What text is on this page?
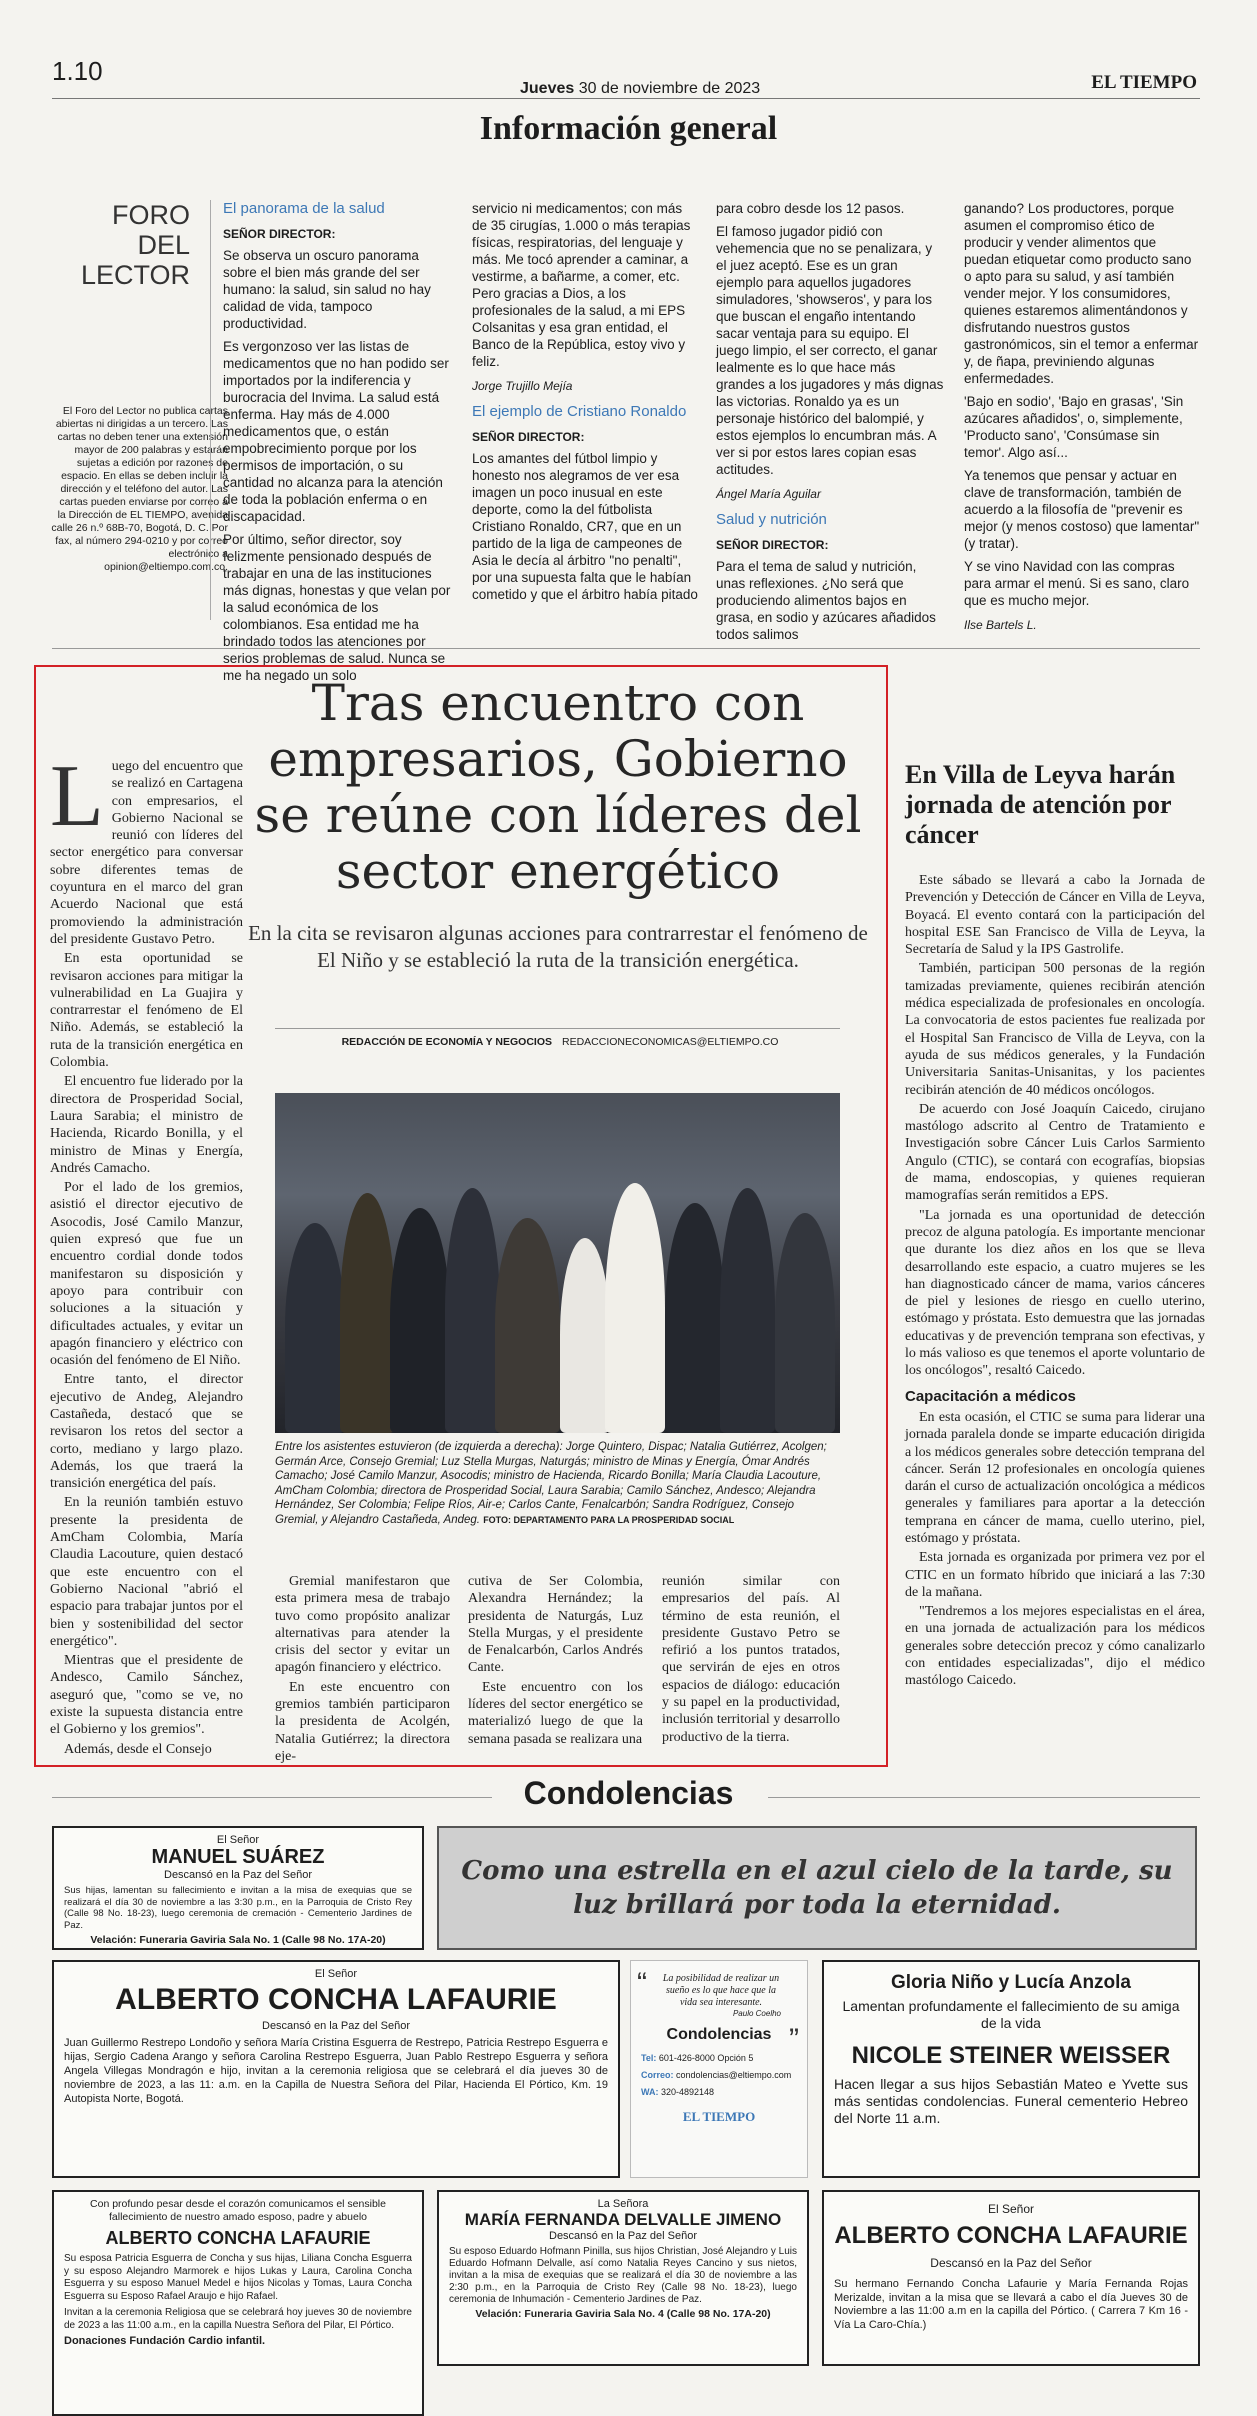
1.10
Jueves 30 de noviembre de 2023	EL TIEMPO
Información general
FORO DEL LECTOR
El Foro del Lector no publica cartas abiertas ni dirigidas a un tercero. Las cartas no deben tener una extensión mayor de 200 palabras y estarán sujetas a edición por razones de espacio. En ellas se deben incluir la dirección y el teléfono del autor. Las cartas pueden enviarse por correo a la Dirección de EL TIEMPO, avenida calle 26 n.º 68B-70, Bogotá, D. C. Por fax, al número 294-0210 y por correo electrónico a opinion@eltiempo.com.co.
El panorama de la salud
SEÑOR DIRECTOR:

Se observa un oscuro panorama sobre el bien más grande del ser humano: la salud, sin salud no hay calidad de vida, tampoco productividad.

Es vergonzoso ver las listas de medicamentos que no han podido ser importados por la indiferencia y burocracia del Invima. La salud está enferma. Hay más de 4.000 medicamentos que, o están empobrecimiento porque por los permisos de importación, o su cantidad no alcanza para la atención de toda la población enferma o en discapacidad.

Por último, señor director, soy felizmente pensionado después de trabajar en una de las instituciones más dignas, honestas y que velan por la salud económica de los colombianos. Esa entidad me ha brindado todos las atenciones por serios problemas de salud. Nunca se me ha negado un solo

servicio ni medicamentos; con más de 35 cirugías, 1.000 o más terapias físicas, respiratorias, del lenguaje y más. Me tocó aprender a caminar, a vestirme, a bañarme, a comer, etc. Pero gracias a Dios, a los profesionales de la salud, a mi EPS Colsanitas y esa gran entidad, el Banco de la República, estoy vivo y feliz.

Jorge Trujillo Mejía
El ejemplo de Cristiano Ronaldo
SEÑOR DIRECTOR:

Los amantes del fútbol limpio y honesto nos alegramos de ver esa imagen un poco inusual en este deporte, como la del fútbolista Cristiano Ronaldo, CR7, que en un partido de la liga de campeones de Asia le decía al árbitro "no penalti", por una supuesta falta que le habían cometido y que el árbitro había pitado

para cobro desde los 12 pasos.

El famoso jugador pidió con vehemencia que no se penalizara, y el juez aceptó. Ese es un gran ejemplo para aquellos jugadores simuladores, 'showseros', y para los que buscan el engaño intentando sacar ventaja para su equipo. El juego limpio, el ser correcto, el ganar lealmente es lo que hace más grandes a los jugadores y más dignas las victorias. Ronaldo ya es un personaje histórico del balompié, y estos ejemplos lo encumbran más. A ver si por estos lares copian esas actitudes.

Ángel María Aguilar
Salud y nutrición
SEÑOR DIRECTOR:

Para el tema de salud y nutrición, unas reflexiones. ¿No será que produciendo alimentos bajos en grasa, en sodio y azúcares añadidos todos salimos

ganando? Los productores, porque asumen el compromiso ético de producir y vender alimentos que puedan etiquetar como producto sano o apto para su salud, y así también vender mejor. Y los consumidores, quienes estaremos alimentándonos y disfrutando nuestros gustos gastronómicos, sin el temor a enfermar y, de ñapa, previniendo algunas enfermedades.

'Bajo en sodio', 'Bajo en grasas', 'Sin azúcares añadidos', o, simplemente, 'Producto sano', 'Consúmase sin temor'. Algo así...

Ya tenemos que pensar y actuar en clave de transformación, también de acuerdo a la filosofía de "prevenir es mejor (y menos costoso) que lamentar" (y tratar).

Y se vino Navidad con las compras para armar el menú. Si es sano, claro que es mucho mejor.

Ilse Bartels L.
Tras encuentro con empresarios, Gobierno se reúne con líderes del sector energético
En la cita se revisaron algunas acciones para contrarrestar el fenómeno de El Niño y se estableció la ruta de la transición energética.
REDACCIÓN DE ECONOMÍA Y NEGOCIOS REDACCIONECONOMICAS@ELTIEMPO.CO

Luego del encuentro que se realizó en Cartagena con empresarios, el Gobierno Nacional se reunió con líderes del sector energético para conversar sobre diferentes temas de coyuntura en el marco del gran Acuerdo Nacional que está promoviendo la administración del presidente Gustavo Petro.

En esta oportunidad se revisaron acciones para mitigar la vulnerabilidad en La Guajira y contrarrestar el fenómeno de El Niño. Además, se estableció la ruta de la transición energética en Colombia.

El encuentro fue liderado por la directora de Prosperidad Social, Laura Sarabia; el ministro de Hacienda, Ricardo Bonilla, y el ministro de Minas y Energía, Andrés Camacho.

Por el lado de los gremios, asistió el director ejecutivo de Asocodis, José Camilo Manzur, quien expresó que fue un encuentro cordial donde todos manifestaron su disposición y apoyo para contribuir con soluciones a la situación y dificultades actuales, y evitar un apagón financiero y eléctrico con ocasión del fenómeno de El Niño.

Entre tanto, el director ejecutivo de Andeg, Alejandro Castañeda, destacó que se revisaron los retos del sector a corto, mediano y largo plazo. Además, los que traerá la transición energética del país.

En la reunión también estuvo presente la presidenta de AmCham Colombia, María Claudia Lacouture, quien destacó que este encuentro con el Gobierno Nacional "abrió el espacio para trabajar juntos por el bien y sostenibilidad del sector energético".

Mientras que el presidente de Andesco, Camilo Sánchez, aseguró que, "como se ve, no existe la supuesta distancia entre el Gobierno y los gremios".

Además, desde el Consejo

Entre los asistentes estuvieron (de izquierda a derecha): Jorge Quintero, Dispac; Natalia Gutiérrez, Acolgen; Germán Arce, Consejo Gremial; Luz Stella Murgas, Naturgás; ministro de Minas y Energía, Ómar Andrés Camacho; José Camilo Manzur, Asocodis; ministro de Hacienda, Ricardo Bonilla; María Claudia Lacouture, AmCham Colombia; directora de Prosperidad Social, Laura Sarabia; Camilo Sánchez, Andesco; Alejandra Hernández, Ser Colombia; Felipe Ríos, Air-e; Carlos Cante, Fenalcarbón; Sandra Rodríguez, Consejo Gremial, y Alejandro Castañeda, Andeg. FOTO: DEPARTAMENTO PARA LA PROSPERIDAD SOCIAL

Gremial manifestaron que esta primera mesa de trabajo tuvo como propósito analizar alternativas para atender la crisis del sector y evitar un apagón financiero y eléctrico.

En este encuentro con gremios también participaron la presidenta de Acolgén, Natalia Gutiérrez; la directora eje-

cutiva de Ser Colombia, Alexandra Hernández; la presidenta de Naturgás, Luz Stella Murgas, y el presidente de Fenalcarbón, Carlos Andrés Cante.

Este encuentro con los líderes del sector energético se materializó luego de que la semana pasada se realizara una

reunión similar con empresarios del país. Al término de esta reunión, el presidente Gustavo Petro se refirió a los puntos tratados, que servirán de ejes en otros espacios de diálogo: educación y su papel en la productividad, inclusión territorial y desarrollo productivo de la tierra.

En Villa de Leyva harán jornada de atención por cáncer

Este sábado se llevará a cabo la Jornada de Prevención y Detección de Cáncer en Villa de Leyva, Boyacá. El evento contará con la participación del hospital ESE San Francisco de Villa de Leyva, la Secretaría de Salud y la IPS Gastrolife.

También, participan 500 personas de la región tamizadas previamente, quienes recibirán atención médica especializada de profesionales en oncología. La convocatoria de estos pacientes fue realizada por el Hospital San Francisco de Villa de Leyva, con la ayuda de sus médicos generales, y la Fundación Universitaria Sanitas-Unisanitas, y los pacientes recibirán atención de 40 médicos oncólogos.

De acuerdo con José Joaquín Caicedo, cirujano mastólogo adscrito al Centro de Tratamiento e Investigación sobre Cáncer Luis Carlos Sarmiento Angulo (CTIC), se contará con ecografías, biopsias de mama, endoscopias, y quienes requieran mamografías serán remitidos a EPS.

"La jornada es una oportunidad de detección precoz de alguna patología. Es importante mencionar que durante los diez años en los que se lleva desarrollando este espacio, a cuatro mujeres se les han diagnosticado cáncer de mama, varios cánceres de piel y lesiones de riesgo en cuello uterino, estómago y próstata. Esto demuestra que las jornadas educativas y de prevención temprana son efectivas, y lo más valioso es que tenemos el aporte voluntario de los oncólogos", resaltó Caicedo.

Capacitación a médicos

En esta ocasión, el CTIC se suma para liderar una jornada paralela donde se imparte educación dirigida a los médicos generales sobre detección temprana del cáncer. Serán 12 profesionales en oncología quienes darán el curso de actualización oncológica a médicos generales y familiares para aportar a la detección temprana en cáncer de mama, cuello uterino, piel, estómago y próstata.

Esta jornada es organizada por primera vez por el CTIC en un formato híbrido que iniciará a las 7:30 de la mañana.

"Tendremos a los mejores especialistas en el área, en una jornada de actualización para los médicos generales sobre detección precoz y cómo canalizarlo con entidades especializadas", dijo el médico mastólogo Caicedo.

Condolencias
El Señor
MANUEL SUÁREZ
Descansó en la Paz del Señor
Sus hijas, lamentan su fallecimiento e invitan a la misa de exequias que se realizará el día 30 de noviembre a las 3:30 p.m., en la Parroquia de Cristo Rey (Calle 98 No. 18-23), luego ceremonia de cremación - Cementerio Jardines de Paz.
Velación: Funeraria Gaviria Sala No. 1 (Calle 98 No. 17A-20)
Como una estrella en el azul cielo de la tarde, su luz brillará por toda la eternidad.
El Señor
ALBERTO CONCHA LAFAURIE
Descansó en la Paz del Señor
Juan Guillermo Restrepo Londoño y señora María Cristina Esguerra de Restrepo, Patricia Restrepo Esguerra e hijas, Sergio Cadena Arango y señora Carolina Restrepo Esguerra, Juan Pablo Restrepo Esguerra y señora Angela Villegas Mondragón e hijo, invitan a la ceremonia religiosa que se celebrará el día jueves 30 de noviembre de 2023, a las 11: a.m. en la Capilla de Nuestra Señora del Pilar, Hacienda El Pórtico, Km. 19 Autopista Norte, Bogotá.
“	La posibilidad de realizar un sueño es lo que hace que la vida sea interesante.
Paulo Coelho
”
Condolencias
Tel: 601-426-8000 Opción 5
Correo: condolencias@eltiempo.com
WA: 320-4892148
EL TIEMPO
Gloria Niño y Lucía Anzola
Lamentan profundamente el fallecimiento de su amiga de la vida
NICOLE STEINER WEISSER
Hacen llegar a sus hijos Sebastián Mateo e Yvette sus más sentidas condolencias. Funeral cementerio Hebreo del Norte 11 a.m.
Con profundo pesar desde el corazón comunicamos el sensible fallecimiento de nuestro amado esposo, padre y abuelo
ALBERTO CONCHA LAFAURIE
Su esposa Patricia Esguerra de Concha y sus hijas, Liliana Concha Esguerra y su esposo Alejandro Marmorek e hijos Lukas y Laura, Carolina Concha Esguerra y su esposo Manuel Medel e hijos Nicolas y Tomas, Laura Concha Esguerra su Esposo Rafael Araujo e hijo Rafael.
Invitan a la ceremonia Religiosa que se celebrará hoy jueves 30 de noviembre de 2023 a las 11:00 a.m., en la capilla Nuestra Señora del Pilar, El Pórtico.
Donaciones Fundación Cardio infantil.
La Señora
MARÍA FERNANDA DELVALLE JIMENO
Descansó en la Paz del Señor
Su esposo Eduardo Hofmann Pinilla, sus hijos Christian, José Alejandro y Luis Eduardo Hofmann Delvalle, así como Natalia Reyes Cancino y sus nietos, invitan a la misa de exequias que se realizará el día 30 de noviembre a las 2:30 p.m., en la Parroquia de Cristo Rey (Calle 98 No. 18-23), luego ceremonia de Inhumación - Cementerio Jardines de Paz.
Velación: Funeraria Gaviria Sala No. 4 (Calle 98 No. 17A-20)
El Señor
ALBERTO CONCHA LAFAURIE
Descansó en la Paz del Señor
Su hermano Fernando Concha Lafaurie y María Fernanda Rojas Merizalde, invitan a la misa que se llevará a cabo el día Jueves 30 de Noviembre a las 11:00 a.m en la capilla del Pórtico. ( Carrera 7 Km 16 - Vía La Caro-Chía.)
